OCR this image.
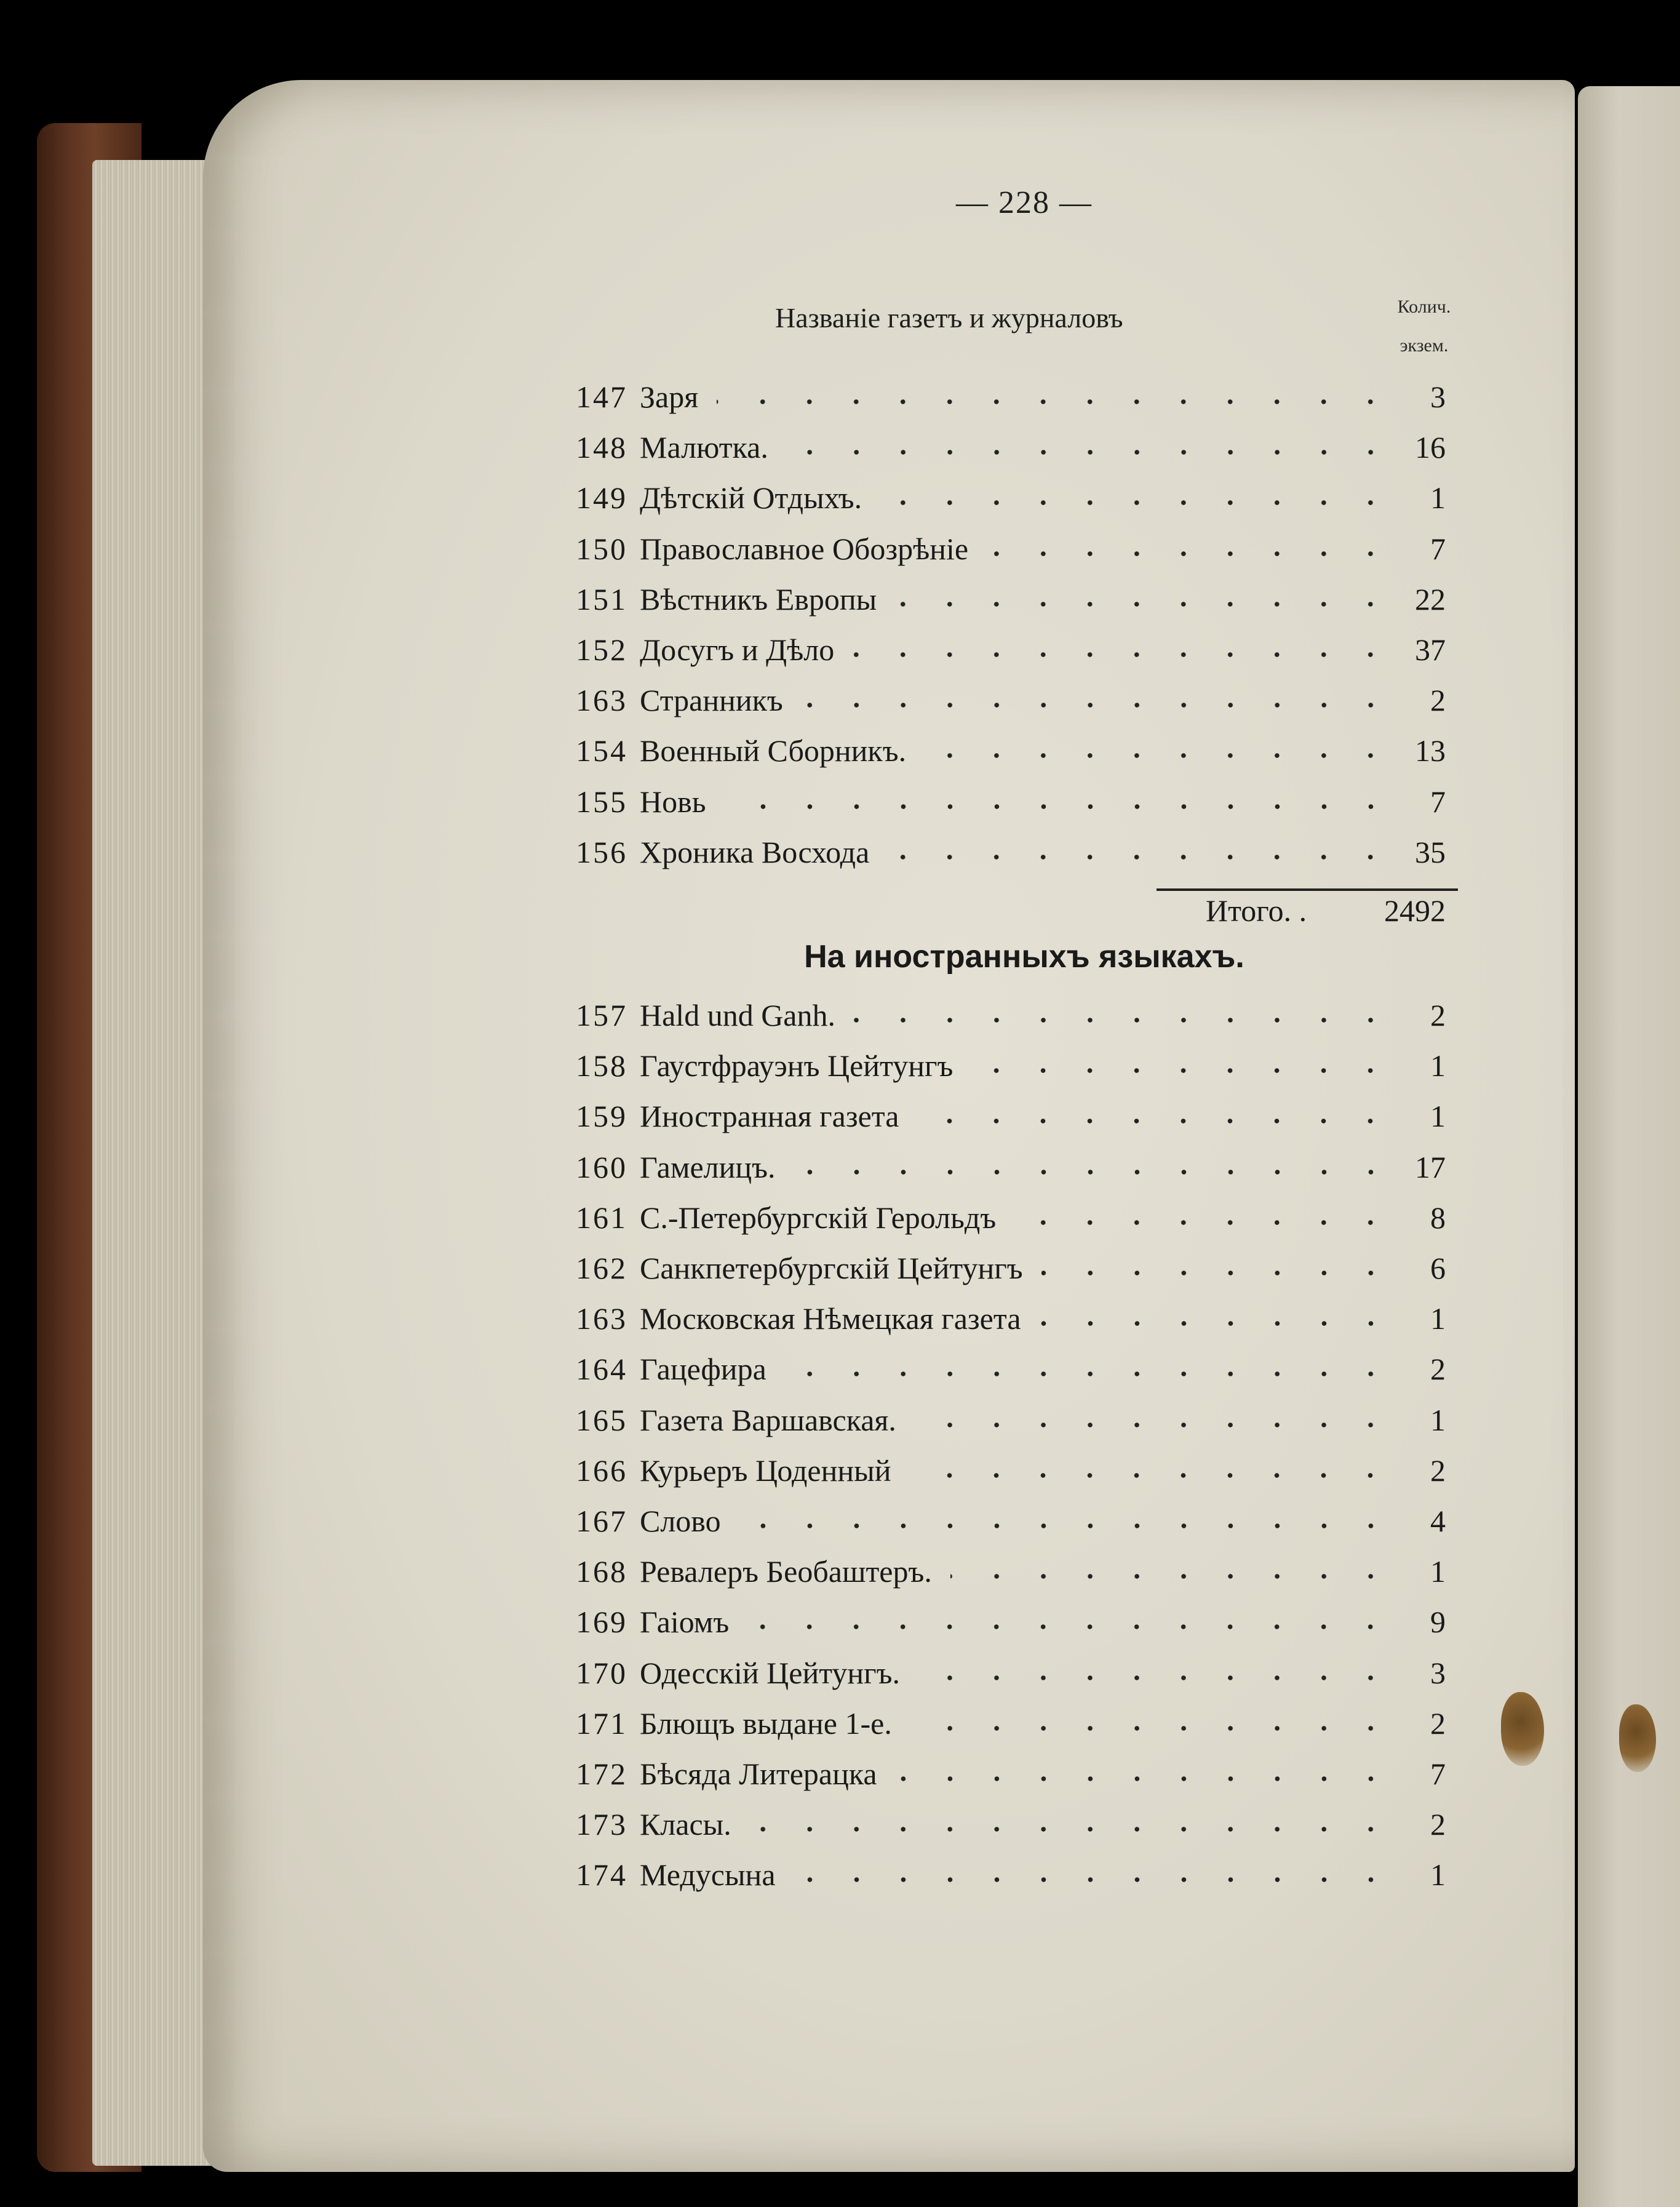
— 228 —
Названіе газетъ и журналовъ	Колич.
экзем.
147 Заря	3
148 Малютка.	16
149 Дѣтскій Отдыхъ.	1
150 Православное Обозрѣніе	7
151 Вѣстникъ Европы	22
152 Досугъ и Дѣло	37
163 Странникъ	2
154 Военный Сборникъ.	13
155 Новь	7
156 Хроника Восхода	35
Итого. .	2492
На иностранныхъ языкахъ.
157 Hald und Ganh.	2
158 Гаустфрауэнъ Цейтунгъ	1
159 Иностранная газета	1
160 Гамелицъ.	17
161 С.-Петербургскій Герольдъ	8
162 Санкпетербургскій Цейтунгъ	6
163 Московская Нѣмецкая газета	1
164 Гацефира	2
165 Газета Варшавская.	1
166 Курьеръ Цоденный	2
167 Слово	4
168 Ревалеръ Беобаштеръ.	1
169 Гаіомъ	9
170 Одесскій Цейтунгъ.	3
171 Блющъ выдане 1-е.	2
172 Бѣсяда Литерацка	7
173 Класы.	2
174 Медусына	1
